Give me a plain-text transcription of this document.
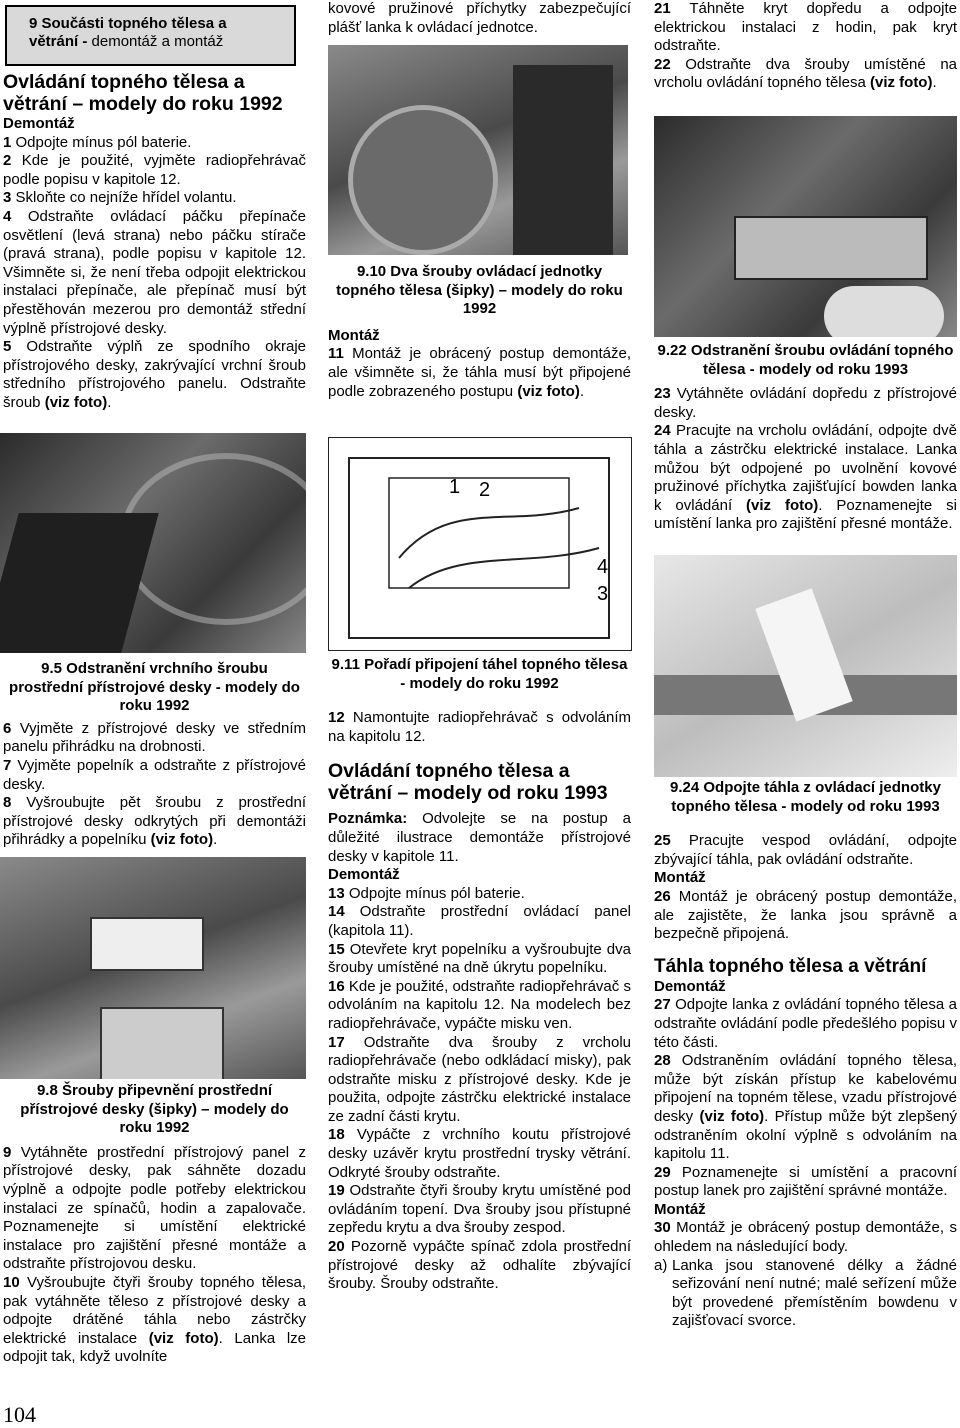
9 Součásti topného tělesa a
větrání - demontáž a montáž

Ovládání topného tělesa a větrání – modely do roku 1992

Demontáž

1 Odpojte mínus pól baterie.

2 Kde je použité, vyjměte radiopřehrávač podle popisu v kapitole 12.

3 Skloňte co nejníže hřídel volantu.

4 Odstraňte ovládací páčku přepínače osvětlení (levá strana) nebo páčku stírače (pravá strana), podle popisu v kapitole 12. Všimněte si, že není třeba odpojit elektrickou instalaci přepínače, ale přepínač musí být přestěhován mezerou pro demontáž střední výplně přístrojové desky.

5 Odstraňte výplň ze spodního okraje přístrojového desky, zakrývající vrchní šroub středního přístrojového panelu. Odstraňte šroub (viz foto).

9.5 Odstranění vrchního šroubu prostřední přístrojové desky - modely do roku 1992

6 Vyjměte z přístrojové desky ve středním panelu přihrádku na drobnosti.

7 Vyjměte popelník a odstraňte z přístrojové desky.

8 Vyšroubujte pět šroubu z prostřední přístrojové desky odkrytých při demontáži přihrádky a popelníku (viz foto).

9.8 Šrouby připevnění prostřední přístrojové desky (šipky) – modely do roku 1992

9 Vytáhněte prostřední přístrojový panel z přístrojové desky, pak sáhněte dozadu výplně a odpojte podle potřeby elektrickou instalaci ze spínačů, hodin a zapalovače. Poznamenejte si umístění elektrické instalace pro zajištění přesné montáže a odstraňte přístrojovou desku.

10 Vyšroubujte čtyři šrouby topného tělesa, pak vytáhněte těleso z přístrojové desky a odpojte drátěné táhla nebo zástrčky elektrické instalace (viz foto). Lanka lze odpojit tak, když uvolníte

104

kovové pružinové příchytky zabezpečující plášť lanka k ovládací jednotce.

9.10 Dva šrouby ovládací jednotky topného tělesa (šipky) – modely do roku 1992

Montáž

11 Montáž je obrácený postup demontáže, ale všimněte si, že táhla musí být připojené podle zobrazeného postupu (viz foto).

1 2
4
3

9.11 Pořadí připojení táhel topného tělesa - modely do roku 1992

12 Namontujte radiopřehrávač s odvoláním na kapitolu 12.

Ovládání topného tělesa a větrání – modely od roku 1993

Poznámka: Odvolejte se na postup a důležité ilustrace demontáže přístrojové desky v kapitole 11.

Demontáž

13 Odpojte mínus pól baterie.

14 Odstraňte prostřední ovládací panel (kapitola 11).

15 Otevřete kryt popelníku a vyšroubujte dva šrouby umístěné na dně úkrytu popelníku.

16 Kde je použité, odstraňte radiopřehrávač s odvoláním na kapitolu 12. Na modelech bez radiopřehrávače, vypáčte misku ven.

17 Odstraňte dva šrouby z vrcholu radiopřehrávače (nebo odkládací misky), pak odstraňte misku z přístrojové desky. Kde je použita, odpojte zástrčku elektrické instalace ze zadní části krytu.

18 Vypáčte z vrchního koutu přístrojové desky uzávěr krytu prostřední trysky větrání. Odkryté šrouby odstraňte.

19 Odstraňte čtyři šrouby krytu umístěné pod ovládáním topení. Dva šrouby jsou přístupné zepředu krytu a dva šrouby zespod.

20 Pozorně vypáčte spínač zdola prostřední přístrojové desky až odhalíte zbývající šrouby. Šrouby odstraňte.

21 Táhněte kryt dopředu a odpojte elektrickou instalaci z hodin, pak kryt odstraňte.

22 Odstraňte dva šrouby umístěné na vrcholu ovládání topného tělesa (viz foto).

9.22 Odstranění šroubu ovládání topného tělesa - modely od roku 1993

23 Vytáhněte ovládání dopředu z přístrojové desky.

24 Pracujte na vrcholu ovládání, odpojte dvě táhla a zástrčku elektrické instalace. Lanka můžou být odpojené po uvolnění kovové pružinové příchytka zajišťující bowden lanka k ovládání (viz foto). Poznamenejte si umístění lanka pro zajištění přesné montáže.

9.24 Odpojte táhla z ovládací jednotky topného tělesa - modely od roku 1993

25 Pracujte vespod ovládání, odpojte zbývající táhla, pak ovládání odstraňte.

Montáž

26 Montáž je obrácený postup demontáže, ale zajistěte, že lanka jsou správně a bezpečně připojená.

Táhla topného tělesa a větrání

Demontáž

27 Odpojte lanka z ovládání topného tělesa a odstraňte ovládání podle předešlého popisu v této části.

28 Odstraněním ovládání topného tělesa, může být získán přístup ke kabelovému připojení na topném tělese, vzadu přístrojové desky (viz foto). Přístup může být zlepšený odstraněním okolní výplně s odvoláním na kapitolu 11.

29 Poznamenejte si umístění a pracovní postup lanek pro zajištění správné montáže.

Montáž

30 Montáž je obrácený postup demontáže, s ohledem na následující body.

a) Lanka jsou stanovené délky a žádné seřizování není nutné; malé seřízení může být provedené přemístěním bowdenu v zajišťovací svorce.
